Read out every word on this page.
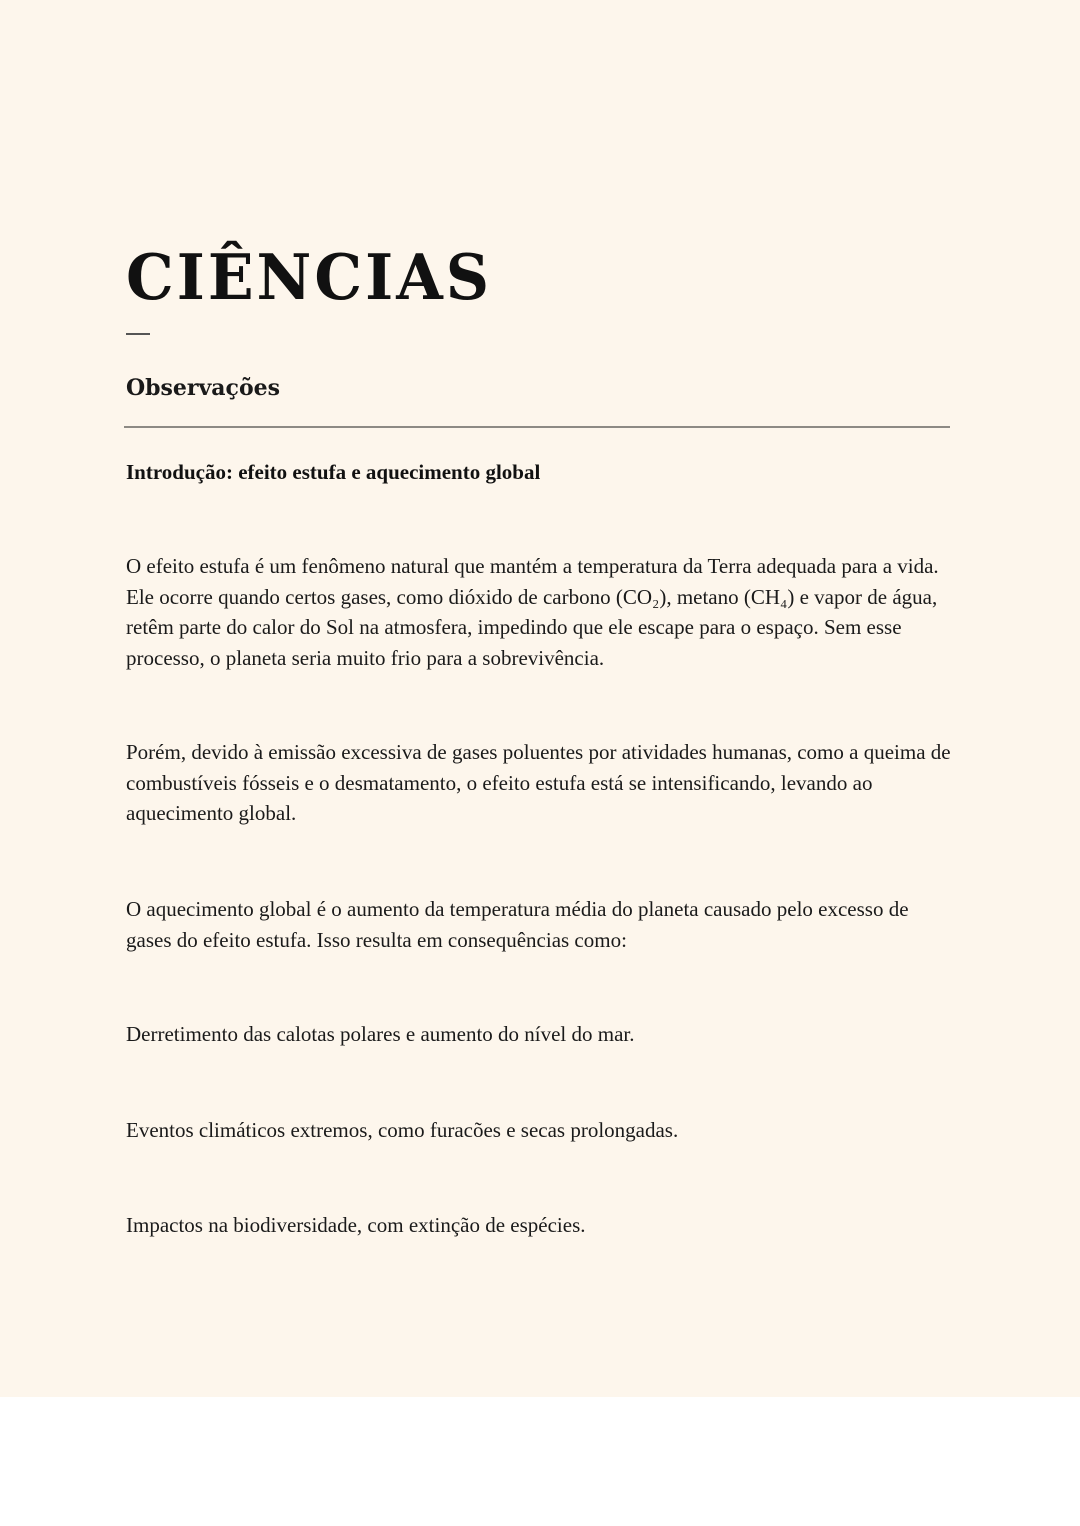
CIÊNCIAS
Observações
Introdução: efeito estufa e aquecimento global

O efeito estufa é um fenômeno natural que mantém a temperatura da Terra adequada para a vida. Ele ocorre quando certos gases, como dióxido de carbono (CO₂), metano (CH₄) e vapor de água, retêm parte do calor do Sol na atmosfera, impedindo que ele escape para o espaço. Sem esse processo, o planeta seria muito frio para a sobrevivência.

Porém, devido à emissão excessiva de gases poluentes por atividades humanas, como a queima de combustíveis fósseis e o desmatamento, o efeito estufa está se intensificando, levando ao aquecimento global.

O aquecimento global é o aumento da temperatura média do planeta causado pelo excesso de gases do efeito estufa. Isso resulta em consequências como:

Derretimento das calotas polares e aumento do nível do mar.

Eventos climáticos extremos, como furacões e secas prolongadas.

Impactos na biodiversidade, com extinção de espécies.
